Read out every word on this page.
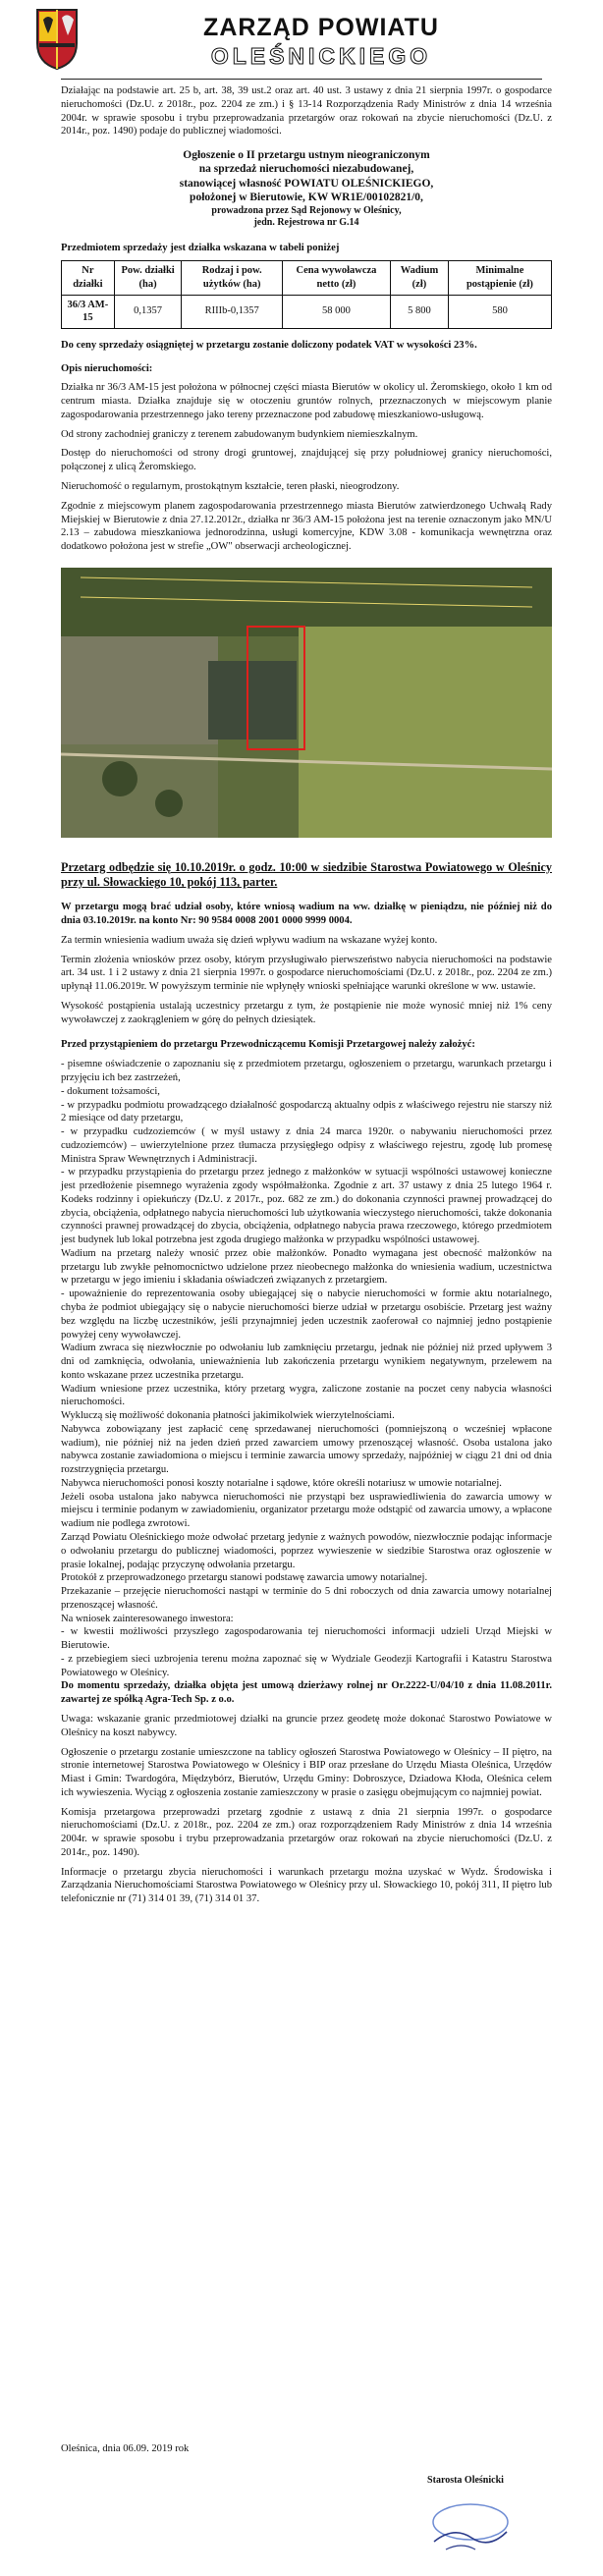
ZARZĄD POWIATU
OLEŚNICKIEGO

Działając na podstawie art. 25 b, art. 38, 39 ust.2 oraz art. 40 ust. 3 ustawy z dnia 21 sierpnia 1997r. o gospodarce nieruchomości (Dz.U. z 2018r., poz. 2204 ze zm.) i § 13-14 Rozporządzenia Rady Ministrów z dnia 14 września 2004r. w sprawie sposobu i trybu przeprowadzania przetargów oraz rokowań na zbycie nieruchomości (Dz.U. z 2014r., poz. 1490) podaje do publicznej wiadomości.

Ogłoszenie o II przetargu ustnym nieograniczonym
na sprzedaż nieruchomości niezabudowanej,
stanowiącej własność POWIATU OLEŚNICKIEGO,
położonej w Bierutowie, KW WR1E/00102821/0,
prowadzona przez Sąd Rejonowy w Oleśnicy,
jedn. Rejestrowa nr G.14

Przedmiotem sprzedaży jest działka wskazana w tabeli poniżej

Nr działki	Pow. działki (ha)	Rodzaj i pow. użytków (ha)	Cena wywoławcza netto (zł)	Wadium (zł)	Minimalne postąpienie (zł)
36/3 AM-15	0,1357	RIIIb-0,1357	58 000	5 800	580

Do ceny sprzedaży osiągniętej w przetargu zostanie doliczony podatek VAT w wysokości 23%.

Opis nieruchomości:

Działka nr 36/3 AM-15 jest położona w północnej części miasta Bierutów w okolicy ul. Żeromskiego, około 1 km od centrum miasta. Działka znajduje się w otoczeniu gruntów rolnych, przeznaczonych w miejscowym planie zagospodarowania przestrzennego jako tereny przeznaczone pod zabudowę mieszkaniowo-usługową.

Od strony zachodniej graniczy z terenem zabudowanym budynkiem niemieszkalnym.

Dostęp do nieruchomości od strony drogi gruntowej, znajdującej się przy południowej granicy nieruchomości, połączonej z ulicą Żeromskiego.

Nieruchomość o regularnym, prostokątnym kształcie, teren płaski, nieogrodzony.

Zgodnie z miejscowym planem zagospodarowania przestrzennego miasta Bierutów zatwierdzonego Uchwałą Rady Miejskiej w Bierutowie z dnia 27.12.2012r., działka nr 36/3 AM-15 położona jest na terenie oznaczonym jako MN/U 2.13 – zabudowa mieszkaniowa jednorodzinna, usługi komercyjne, KDW 3.08 - komunikacja wewnętrzna oraz dodatkowo położona jest w strefie „OW" obserwacji archeologicznej.

Przetarg odbędzie się 10.10.2019r. o godz. 10:00 w siedzibie Starostwa Powiatowego w Oleśnicy przy ul. Słowackiego 10, pokój 113, parter.

W przetargu mogą brać udział osoby, które wniosą wadium na ww. działkę w pieniądzu, nie później niż do dnia 03.10.2019r. na konto Nr: 90 9584 0008 2001 0000 9999 0004.

Za termin wniesienia wadium uważa się dzień wpływu wadium na wskazane wyżej konto.

Termin złożenia wniosków przez osoby, którym przysługiwało pierwszeństwo nabycia nieruchomości na podstawie art. 34 ust. 1 i 2 ustawy z dnia 21 sierpnia 1997r. o gospodarce nieruchomościami (Dz.U. z 2018r., poz. 2204 ze zm.) upłynął 11.06.2019r. W powyższym terminie nie wpłynęły wnioski spełniające warunki określone w ww. ustawie.

Wysokość postąpienia ustalają uczestnicy przetargu z tym, że postąpienie nie może wynosić mniej niż 1% ceny wywoławczej z zaokrągleniem w górę do pełnych dziesiątek.

Przed przystąpieniem do przetargu Przewodniczącemu Komisji Przetargowej należy założyć:

- pisemne oświadczenie o zapoznaniu się z przedmiotem przetargu, ogłoszeniem o przetargu, warunkach przetargu i przyjęciu ich bez zastrzeżeń,
- dokument tożsamości,
- w przypadku podmiotu prowadzącego działalność gospodarczą aktualny odpis z właściwego rejestru nie starszy niż 2 miesiące od daty przetargu,
- w przypadku cudzoziemców ( w myśl ustawy z dnia 24 marca 1920r. o nabywaniu nieruchomości przez cudzoziemców) – uwierzytelnione przez tłumacza przysięgłego odpisy z właściwego rejestru, zgodę lub promesę Ministra Spraw Wewnętrznych i Administracji.
- w przypadku przystąpienia do przetargu przez jednego z małżonków w sytuacji wspólności ustawowej konieczne jest przedłożenie pisemnego wyrażenia zgody współmałżonka. Zgodnie z art. 37 ustawy z dnia 25 lutego 1964 r. Kodeks rodzinny i opiekuńczy (Dz.U. z 2017r., poz. 682 ze zm.) do dokonania czynności prawnej prowadzącej do zbycia, obciążenia, odpłatnego nabycia nieruchomości lub użytkowania wieczystego nieruchomości, także dokonania czynności prawnej prowadzącej do zbycia, obciążenia, odpłatnego nabycia prawa rzeczowego, którego przedmiotem jest budynek lub lokal potrzebna jest zgoda drugiego małżonka w przypadku wspólności ustawowej.
Wadium na przetarg należy wnosić przez obie małżonków. Ponadto wymagana jest obecność małżonków na przetargu lub zwykłe pełnomocnictwo udzielone przez nieobecnego małżonka do wniesienia wadium, uczestnictwa w przetargu w jego imieniu i składania oświadczeń związanych z przetargiem.
- upoważnienie do reprezentowania osoby ubiegającej się o nabycie nieruchomości w formie aktu notarialnego, chyba że podmiot ubiegający się o nabycie nieruchomości bierze udział w przetargu osobiście. Przetarg jest ważny bez względu na liczbę uczestników, jeśli przynajmniej jeden uczestnik zaoferował co najmniej jedno postąpienie powyżej ceny wywoławczej.
Wadium zwraca się niezwłocznie po odwołaniu lub zamknięciu przetargu, jednak nie później niż przed upływem 3 dni od zamknięcia, odwołania, unieważnienia lub zakończenia przetargu wynikiem negatywnym, przelewem na konto wskazane przez uczestnika przetargu.
Wadium wniesione przez uczestnika, który przetarg wygra, zaliczone zostanie na poczet ceny nabycia własności nieruchomości.
Wykluczą się możliwość dokonania płatności jakimikolwiek wierzytelnościami.
Nabywca zobowiązany jest zapłacić cenę sprzedawanej nieruchomości (pomniejszoną o wcześniej wpłacone wadium), nie później niż na jeden dzień przed zawarciem umowy przenoszącej własność. Osoba ustalona jako nabywca zostanie zawiadomiona o miejscu i terminie zawarcia umowy sprzedaży, najpóźniej w ciągu 21 dni od dnia rozstrzygnięcia przetargu.
Nabywca nieruchomości ponosi koszty notarialne i sądowe, które określi notariusz w umowie notarialnej.
Jeżeli osoba ustalona jako nabywca nieruchomości nie przystąpi bez usprawiedliwienia do zawarcia umowy w miejscu i terminie podanym w zawiadomieniu, organizator przetargu może odstąpić od zawarcia umowy, a wpłacone wadium nie podlega zwrotowi.
Zarząd Powiatu Oleśnickiego może odwołać przetarg jedynie z ważnych powodów, niezwłocznie podając informacje o odwołaniu przetargu do publicznej wiadomości, poprzez wywieszenie w siedzibie Starostwa oraz ogłoszenie w prasie lokalnej, podając przyczynę odwołania przetargu.
Protokół z przeprowadzonego przetargu stanowi podstawę zawarcia umowy notarialnej.
Przekazanie – przejęcie nieruchomości nastąpi w terminie do 5 dni roboczych od dnia zawarcia umowy notarialnej przenoszącej własność.
Na wniosek zainteresowanego inwestora:
- w kwestii możliwości przyszłego zagospodarowania tej nieruchomości informacji udzieli Urząd Miejski w Bierutowie.
- z przebiegiem sieci uzbrojenia terenu można zapoznać się w Wydziale Geodezji Kartografii i Katastru Starostwa Powiatowego w Oleśnicy.

Do momentu sprzedaży, działka objęta jest umową dzierżawy rolnej nr Or.2222-U/04/10 z dnia 11.08.2011r. zawartej ze spółką Agra-Tech Sp. z o.o.

Uwaga: wskazanie granic przedmiotowej działki na gruncie przez geodetę może dokonać Starostwo Powiatowe w Oleśnicy na koszt nabywcy.

Ogłoszenie o przetargu zostanie umieszczone na tablicy ogłoszeń Starostwa Powiatowego w Oleśnicy – II piętro, na stronie internetowej Starostwa Powiatowego w Oleśnicy i BIP oraz przesłane do Urzędu Miasta Oleśnica, Urzędów Miast i Gmin: Twardogóra, Międzybórz, Bierutów, Urzędu Gminy: Dobroszyce, Dziadowa Kłoda, Oleśnica celem ich wywieszenia. Wyciąg z ogłoszenia zostanie zamieszczony w prasie o zasięgu obejmującym co najmniej powiat.

Komisja przetargowa przeprowadzi przetarg zgodnie z ustawą z dnia 21 sierpnia 1997r. o gospodarce nieruchomościami (Dz.U. z 2018r., poz. 2204 ze zm.) oraz rozporządzeniem Rady Ministrów z dnia 14 września 2004r. w sprawie sposobu i trybu przeprowadzania przetargów oraz rokowań na zbycie nieruchomości (Dz.U. z 2014r., poz. 1490).

Informacje o przetargu zbycia nieruchomości i warunkach przetargu można uzyskać w Wydz. Środowiska i Zarządzania Nieruchomościami Starostwa Powiatowego w Oleśnicy przy ul. Słowackiego 10, pokój 311, II piętro lub telefonicznie nr (71) 314 01 39, (71) 314 01 37.

Oleśnica, dnia 06.09. 2019 rok
Starosta Oleśnicki
